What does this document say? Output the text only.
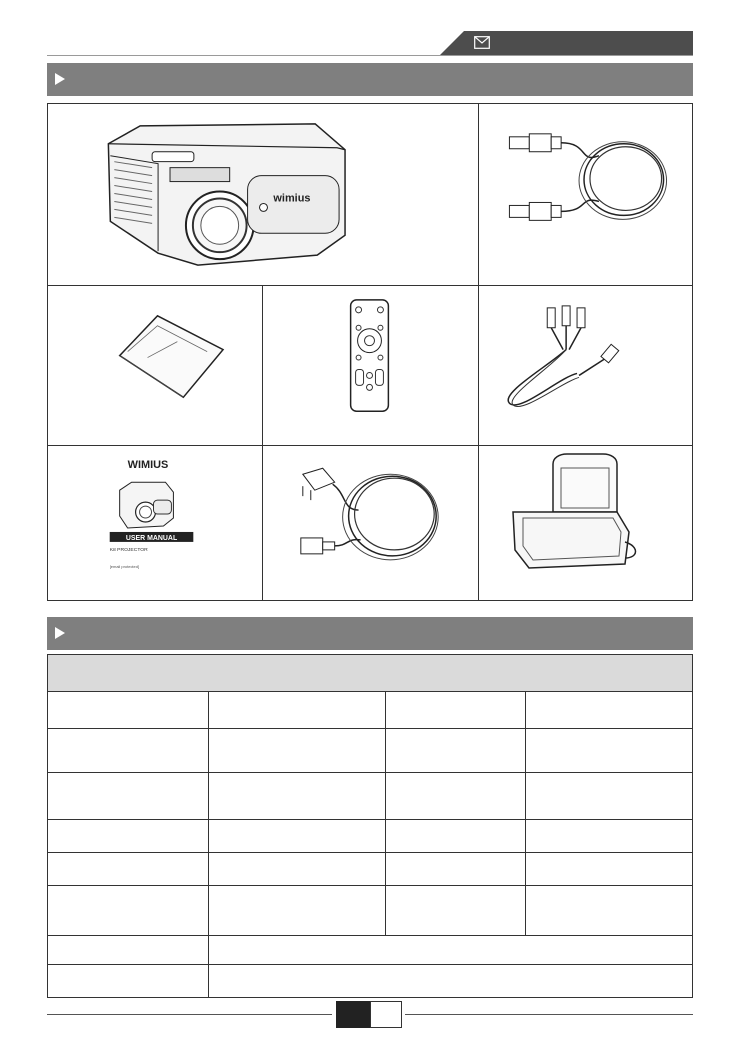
wimius
WIMIUS
USER MANUAL
K8 PROJECTOR
[email protected]
